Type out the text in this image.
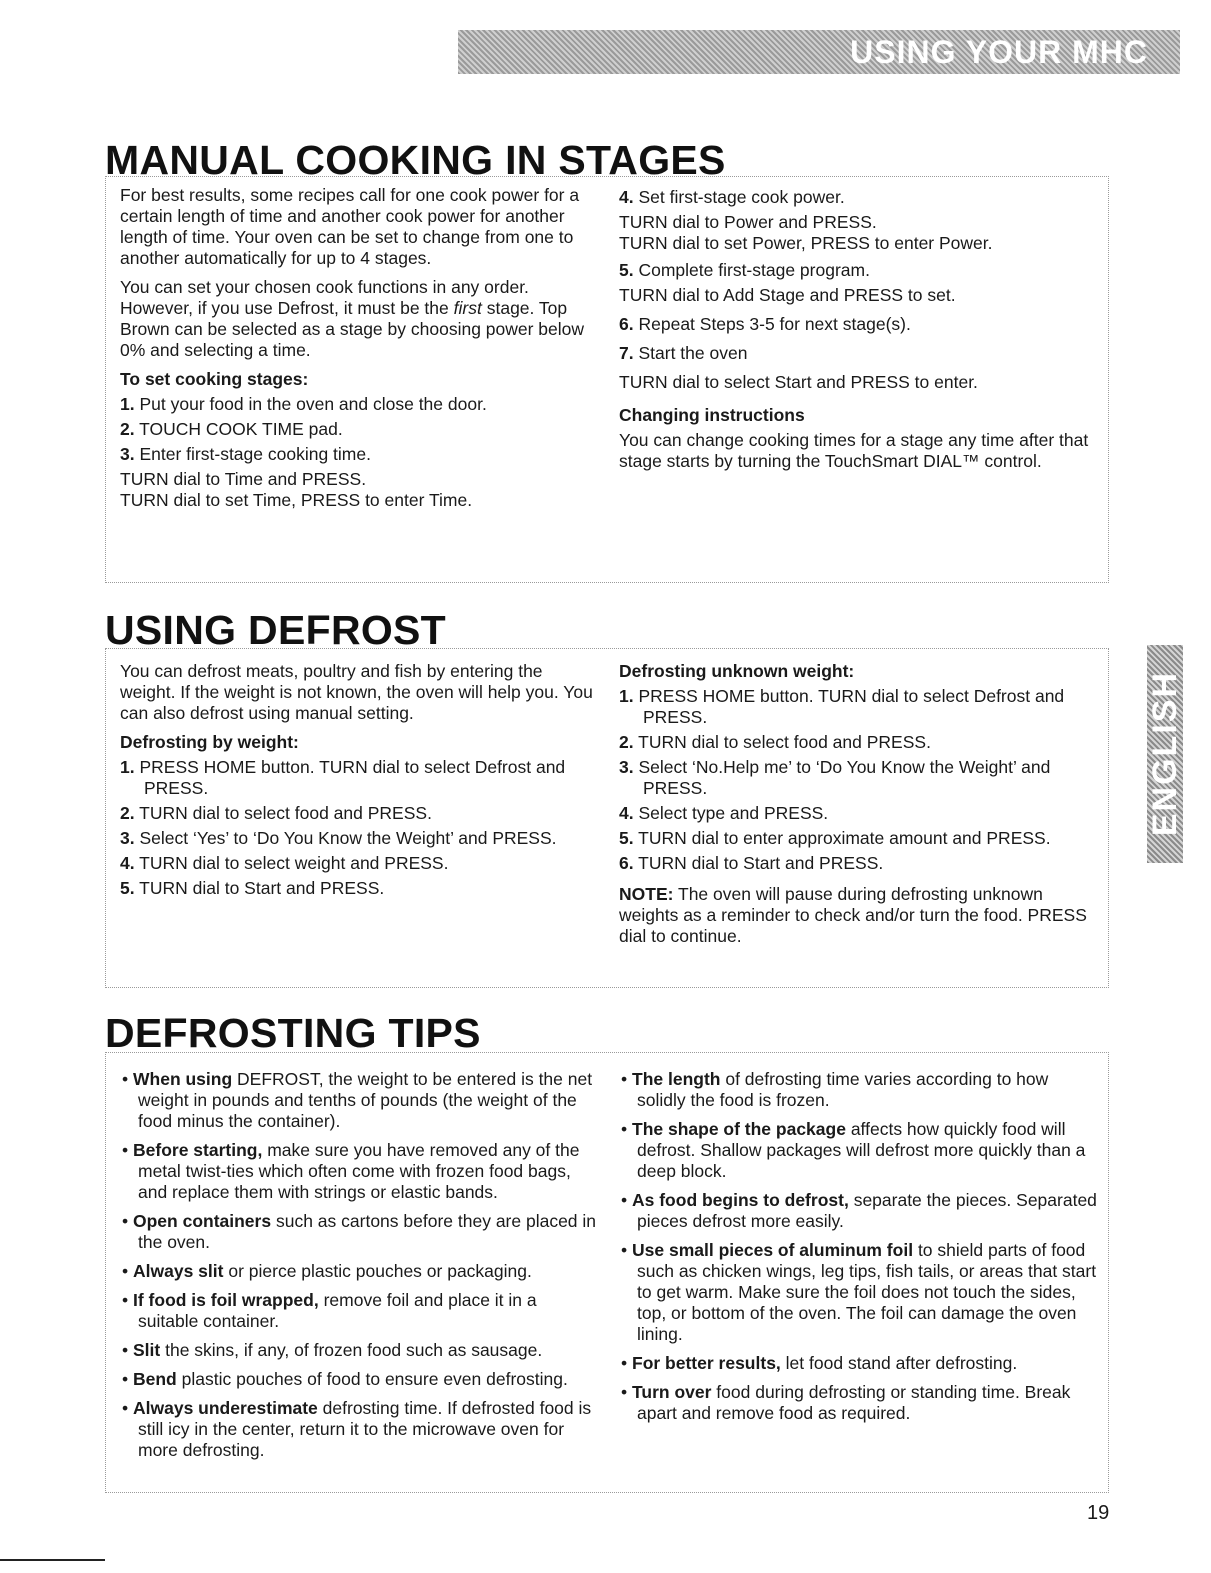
USING YOUR MHC
ENGLISH
MANUAL COOKING IN STAGES

For best results, some recipes call for one cook power for a certain length of time and another cook power for another length of time. Your oven can be set to change from one to another automatically for up to 4 stages.

You can set your chosen cook functions in any order. However, if you use Defrost, it must be the first stage. Top Brown can be selected as a stage by choosing power below 0% and selecting a time.

To set cooking stages:

1. Put your food in the oven and close the door.

2. TOUCH COOK TIME pad.

3. Enter first-stage cooking time.

TURN dial to Time and PRESS.

TURN dial to set Time, PRESS to enter Time.

4. Set first-stage cook power.

TURN dial to Power and PRESS.

TURN dial to set Power, PRESS to enter Power.

5. Complete first-stage program.

TURN dial to Add Stage and PRESS to set.

6. Repeat Steps 3-5 for next stage(s).

7. Start the oven

TURN dial to select Start and PRESS to enter.

Changing instructions

You can change cooking times for a stage any time after that stage starts by turning the TouchSmart DIAL™ control.

USING DEFROST

You can defrost meats, poultry and fish by entering the weight. If the weight is not known, the oven will help you. You can also defrost using manual setting.

Defrosting by weight:

1. PRESS HOME button. TURN dial to select Defrost and PRESS.

2. TURN dial to select food and PRESS.

3. Select ‘Yes’ to ‘Do You Know the Weight’ and PRESS.

4. TURN dial to select weight and PRESS.

5. TURN dial to Start and PRESS.

Defrosting unknown weight:

1. PRESS HOME button. TURN dial to select Defrost and PRESS.

2. TURN dial to select food and PRESS.

3. Select ‘No.Help me’ to ‘Do You Know the Weight’ and PRESS.

4. Select type and PRESS.

5. TURN dial to enter approximate amount and PRESS.

6. TURN dial to Start and PRESS.

NOTE: The oven will pause during defrosting unknown weights as a reminder to check and/or turn the food. PRESS dial to continue.

DEFROSTING TIPS

• When using DEFROST, the weight to be entered is the net weight in pounds and tenths of pounds (the weight of the food minus the container).

• Before starting, make sure you have removed any of the metal twist-ties which often come with frozen food bags, and replace them with strings or elastic bands.

• Open containers such as cartons before they are placed in the oven.

• Always slit or pierce plastic pouches or packaging.

• If food is foil wrapped, remove foil and place it in a suitable container.

• Slit the skins, if any, of frozen food such as sausage.

• Bend plastic pouches of food to ensure even defrosting.

• Always underestimate defrosting time. If defrosted food is still icy in the center, return it to the microwave oven for more defrosting.

• The length of defrosting time varies according to how solidly the food is frozen.

• The shape of the package affects how quickly food will defrost. Shallow packages will defrost more quickly than a deep block.

• As food begins to defrost, separate the pieces. Separated pieces defrost more easily.

• Use small pieces of aluminum foil to shield parts of food such as chicken wings, leg tips, fish tails, or areas that start to get warm. Make sure the foil does not touch the sides, top, or bottom of the oven. The foil can damage the oven lining.

• For better results, let food stand after defrosting.

• Turn over food during defrosting or standing time. Break apart and remove food as required.

19
